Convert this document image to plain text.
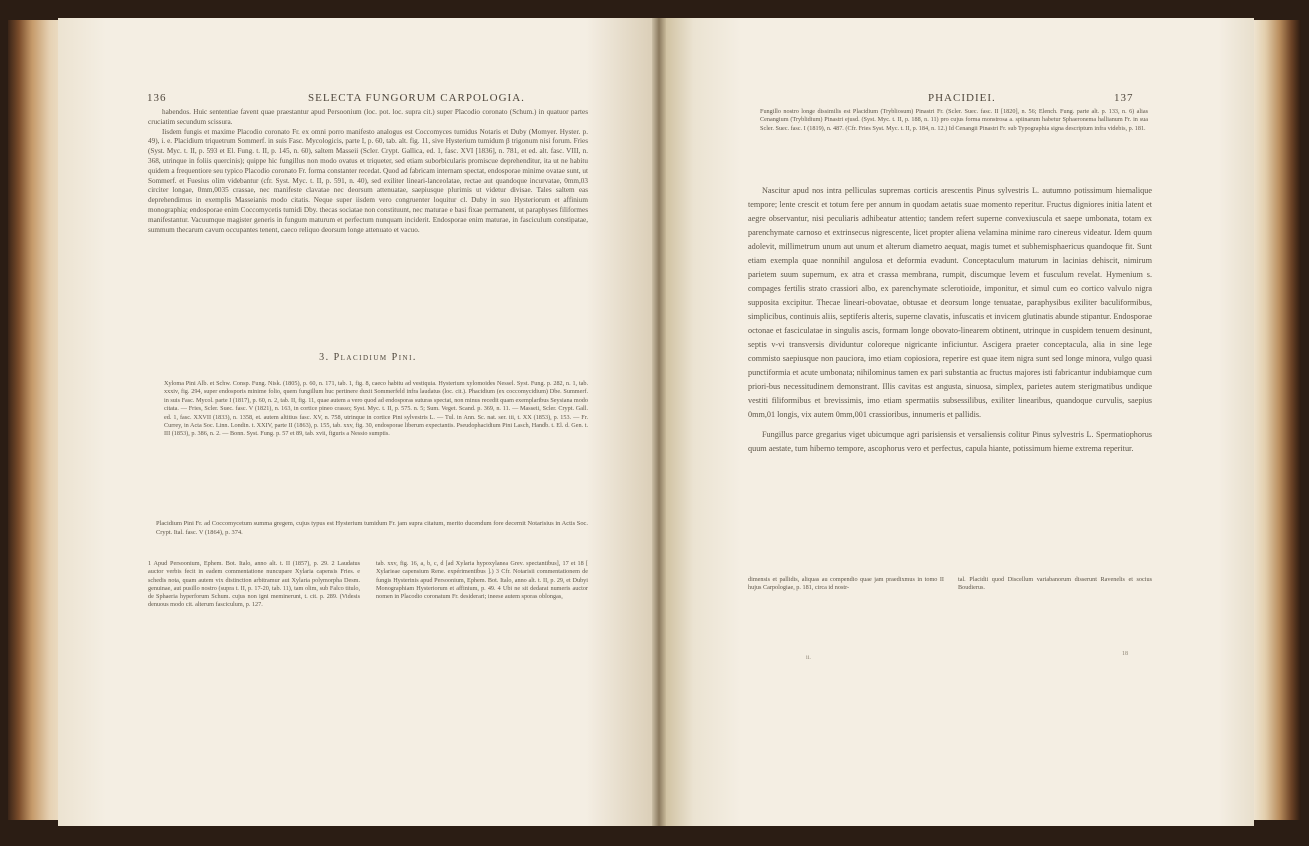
136	SELECTA FUNGORUM CARPOLOGIA.

habendos. Huic sententiae favent quae praestantur apud Persoonium (loc. pot. loc. supra cit.) super Placodio coronato (Schum.) in quatuor partes cruciatim secundum scissura.

Iisdem fungis et maxime Placodio coronato Fr. ex omni porro manifesto analogus est Coccomyces tumidus Notaris et Duby (Momyer. Hyster. p. 49), i. e. Placidium triquetrum Sommerf. in suis Fasc. Mycologicis, parte I, p. 60, tab. alt. fig. 11, sive Hysterium tumidum β trigonum nisi forum. Fries (Syst. Myc. t. II, p. 593 et El. Fung. t. II, p. 145, n. 60), saltem Masseii (Scler. Crypt. Gallica, ed. 1, fasc. XVI [1836], n. 781, et ed. alt. fasc. VIII, n. 368, utrinque in foliis quercinis); quippe hic fungillus non modo ovatus et triqueter, sed etiam suborbicularis promiscue deprehenditur, ita ut ne habitu quidem a frequentiore seu typico Placodio coronato Fr. forma constanter recedat. Quod ad fabricam internam spectat, endosporae minime ovatae sunt, ut Sommerf. et Fuesius olim videbantur (cfr. Syst. Myc. t. II, p. 591, n. 40), sed exiliter lineari-lanceolatae, rectae aut quandoque incurvatae, 0mm,03 circiter longae, 0mm,0035 crassae, nec manifeste clavatae nec deorsum attenuatae, saepiusque plurimis ut videtur divisae. Tales saltem eas deprehendimus in exemplis Masseianis modo citatis. Neque super iisdem vero congruenter loquitur cl. Duby in suo Hysteriorum et affinium monographia; endosporae enim Coccomycetis tumidi Dby. thecas sociatae non constituunt, nec maturae e basi fixae permanent, ut paraphyses filiformes manifestantur. Vacuumque magister generis in fungum maturum et perfectum nunquam inciderit. Endosporae enim maturae, in fasciculum constipatae, summum thecarum cavum occupantes tenent, caeco reliquo deorsum longe attenuato et vacuo.

3. Placidium Pini.
Xyloma Pini Alb. et Schw. Consp. Fung. Nisk. (1805), p. 60, n. 171, tab. 1, fig. 8, caeco habitu ad vestiquia. Hysterium xylomoides Nessel. Syst. Fung. p. 282, n. 1, tab. xxxiv, fig. 294, super endosporis minime folio, quem fungillum huc pertinere duxit Sommerfeld infra laudatus (loc. cit.). Phacidium (ex coccomycidium) Dbe. Summerf. in suis Fasc. Mycol. parte I (1817), p. 60, n. 2, tab. II, fig. 11, quae autem a vero quod ad endosporas suturas spectat, non minus recedit quam exemplaribus Seysiana modo citata. — Fries, Scler. Suec. fasc. V (1821), n. 163, in cortice pineo crasso; Syst. Myc. t. II, p. 575. n. 5; Sum. Veget. Scand. p. 369, n. 11. — Masseii, Scler. Crypt. Gall. ed. 1, fasc. XXVII (1833), n. 1358, et. autem altitius fasc. XV, n. 758, utrinque in cortice Pini sylvestris L. — Tul. in Ann. Sc. nat. ser. iii, t. XX (1853), p. 153. — Fr. Currey, in Acta Soc. Linn. Londin. t. XXIV, parte II (1863), p. 155, tab. xxv, fig. 30, endosporae liberum expectantis. Pseudophacidium Pini Lasch, Handb. t. El. d. Gen. t. III (1853), p. 386, n. 2. — Bonn. Syst. Fung. p. 57 et 89, tab. xvii, figuris a Nessio sumptis.
Placidium Pini Fr. ad Coccomycetum summa gregem, cujus typus est Hysterium tumidum Fr. jam supra citatum, merito ducendum fore decernit Notarisius in Actis Soc. Crypt. Ital. fasc. V (1864), p. 374.
1 Apud Persoonium, Ephem. Bot. Italo, anno alt. t. II (1857), p. 29. 2 Laudatus auctor verbis fecit in eadem commentatione nuncupare Xylaria capensis Fries. e schedis nota, quam autem vix distinction arbitramur aut Xylaria polymorpha Desm. genuinae, aut pusillo nostro (supra t. II, p. 17-20, tab. 11), tam olim, sub Falco titulo, de Sphaeria hyperforum Schum. cujus non igni meminerunt, t. cit. p. 289. (Videsis denuous modo cit. alterum fasciculum, p. 127.
tab. xxv, fig. 16, a, b, c, d [ad Xylaria hypoxylanea Grev. spectantibus], 17 et 18 [ Xylarieae capensium Rene. expérimentibus ].) 3 Cfr. Notarisii commentationem de fungis Hysterinis apud Persoonium, Ephem. Bot. Italo, anno alt. t. II, p. 29, et Dubyi Monographiam Hysteriorum et affinium, p. 49. 4 Ubi ne sit dedarat numeris auctor nomen in Placodio coronatum Fr. desiderari; ineese autem sporas oblongas,
PHACIDIEI.	137
Fungillo nostro longe dissimilis est Placidium (Trybliosum) Pinastri Fr. (Scler. Suec. fasc. II [1820], n. 56; Elench. Fung. parte alt. p. 133, n. 6) alias Cenangium (Tryblidium) Pinastri ejusd. (Syst. Myc. t. II, p. 188, n. 11) pro cujus forma monstrosa a. spiinarum habetur Sphaeronema hallianum Fr. in sua Scler. Suec. fasc. I (1819), n. 487. (Cfr. Fries Syst. Myc. t. II, p. 184, n. 12.) Id Cenangii Pinastri Fr. sub Typographia signa descriptum infra videbis, p. 181.

Nascitur apud nos intra pelliculas supremas corticis arescentis Pinus sylvestris L. autumno potissimum hiemalique tempore; lente crescit et totum fere per annum in quodam aetatis suae momento reperitur. Fructus digniores initia latent et aegre observantur, nisi peculiaris adhibeatur attentio; tandem refert superne convexiuscula et saepe umbonata, totam ex parenchymate carnoso et extrinsecus nigrescente, licet propter aliena velamina minime raro cinereus videatur. Idem quum adolevit, millimetrum unum aut unum et alterum diametro aequat, magis tumet et subhemisphaericus quandoque fit. Sunt etiam exempla quae nonnihil angulosa et deformia evadunt. Conceptaculum maturum in lacinias dehiscit, nimirum parietem suum supernum, ex atra et crassa membrana, rumpit, discumque levem et fusculum revelat. Hymenium s. compages fertilis strato crassiori albo, ex parenchymate sclerotioide, imponitur, et simul cum eo cortico valvulo nigra supposita excipitur. Thecae lineari-obovatae, obtusae et deorsum longe tenuatae, paraphysibus exiliter baculiformibus, simplicibus, continuis aliis, septiferis alteris, superne clavatis, infuscatis et invicem glutinatis abunde stipantur. Endosporae octonae et fasciculatae in singulis ascis, formam longe obovato-linearem obtinent, utrinque in cuspidem tenuem desinunt, septis v-vi transversis dividuntur coloreque nigricante inficiuntur. Ascigera praeter conceptacula, alia in sine lege commisto saepiusque non pauciora, imo etiam copiosiora, reperire est quae item nigra sunt sed longe minora, vulgo quasi punctiformia et acute umbonata; nihilominus tamen ex pari substantia ac fructus majores isti fabricantur indubiamque cum priori-bus necessitudinem demonstrant. Illis cavitas est angusta, sinuosa, simplex, parietes autem sterigmatibus undique vestiti filiformibus et brevissimis, imo etiam spermatiis subsessilibus, exiliter linearibus, quandoque curvulis, saepius 0mm,01 longis, vix autem 0mm,001 crassioribus, innumeris et pallidis.

Fungillus parce gregarius viget ubicumque agri parisiensis et versaliensis colitur Pinus sylvestris L. Spermatiophorus quum aestate, tum hiberno tempore, ascophorus vero et perfectus, capula hiante, potissimum hieme extrema reperitur.

dimensis et pallidis, aliquas au compendio quae jam praedixmus in tomo II hujus Carpologiae, p. 181, circa id nostr-
tal. Placidii quod Discellum variabanorum disserunt Ravenelis et socius Boudierus.
ii.
18
